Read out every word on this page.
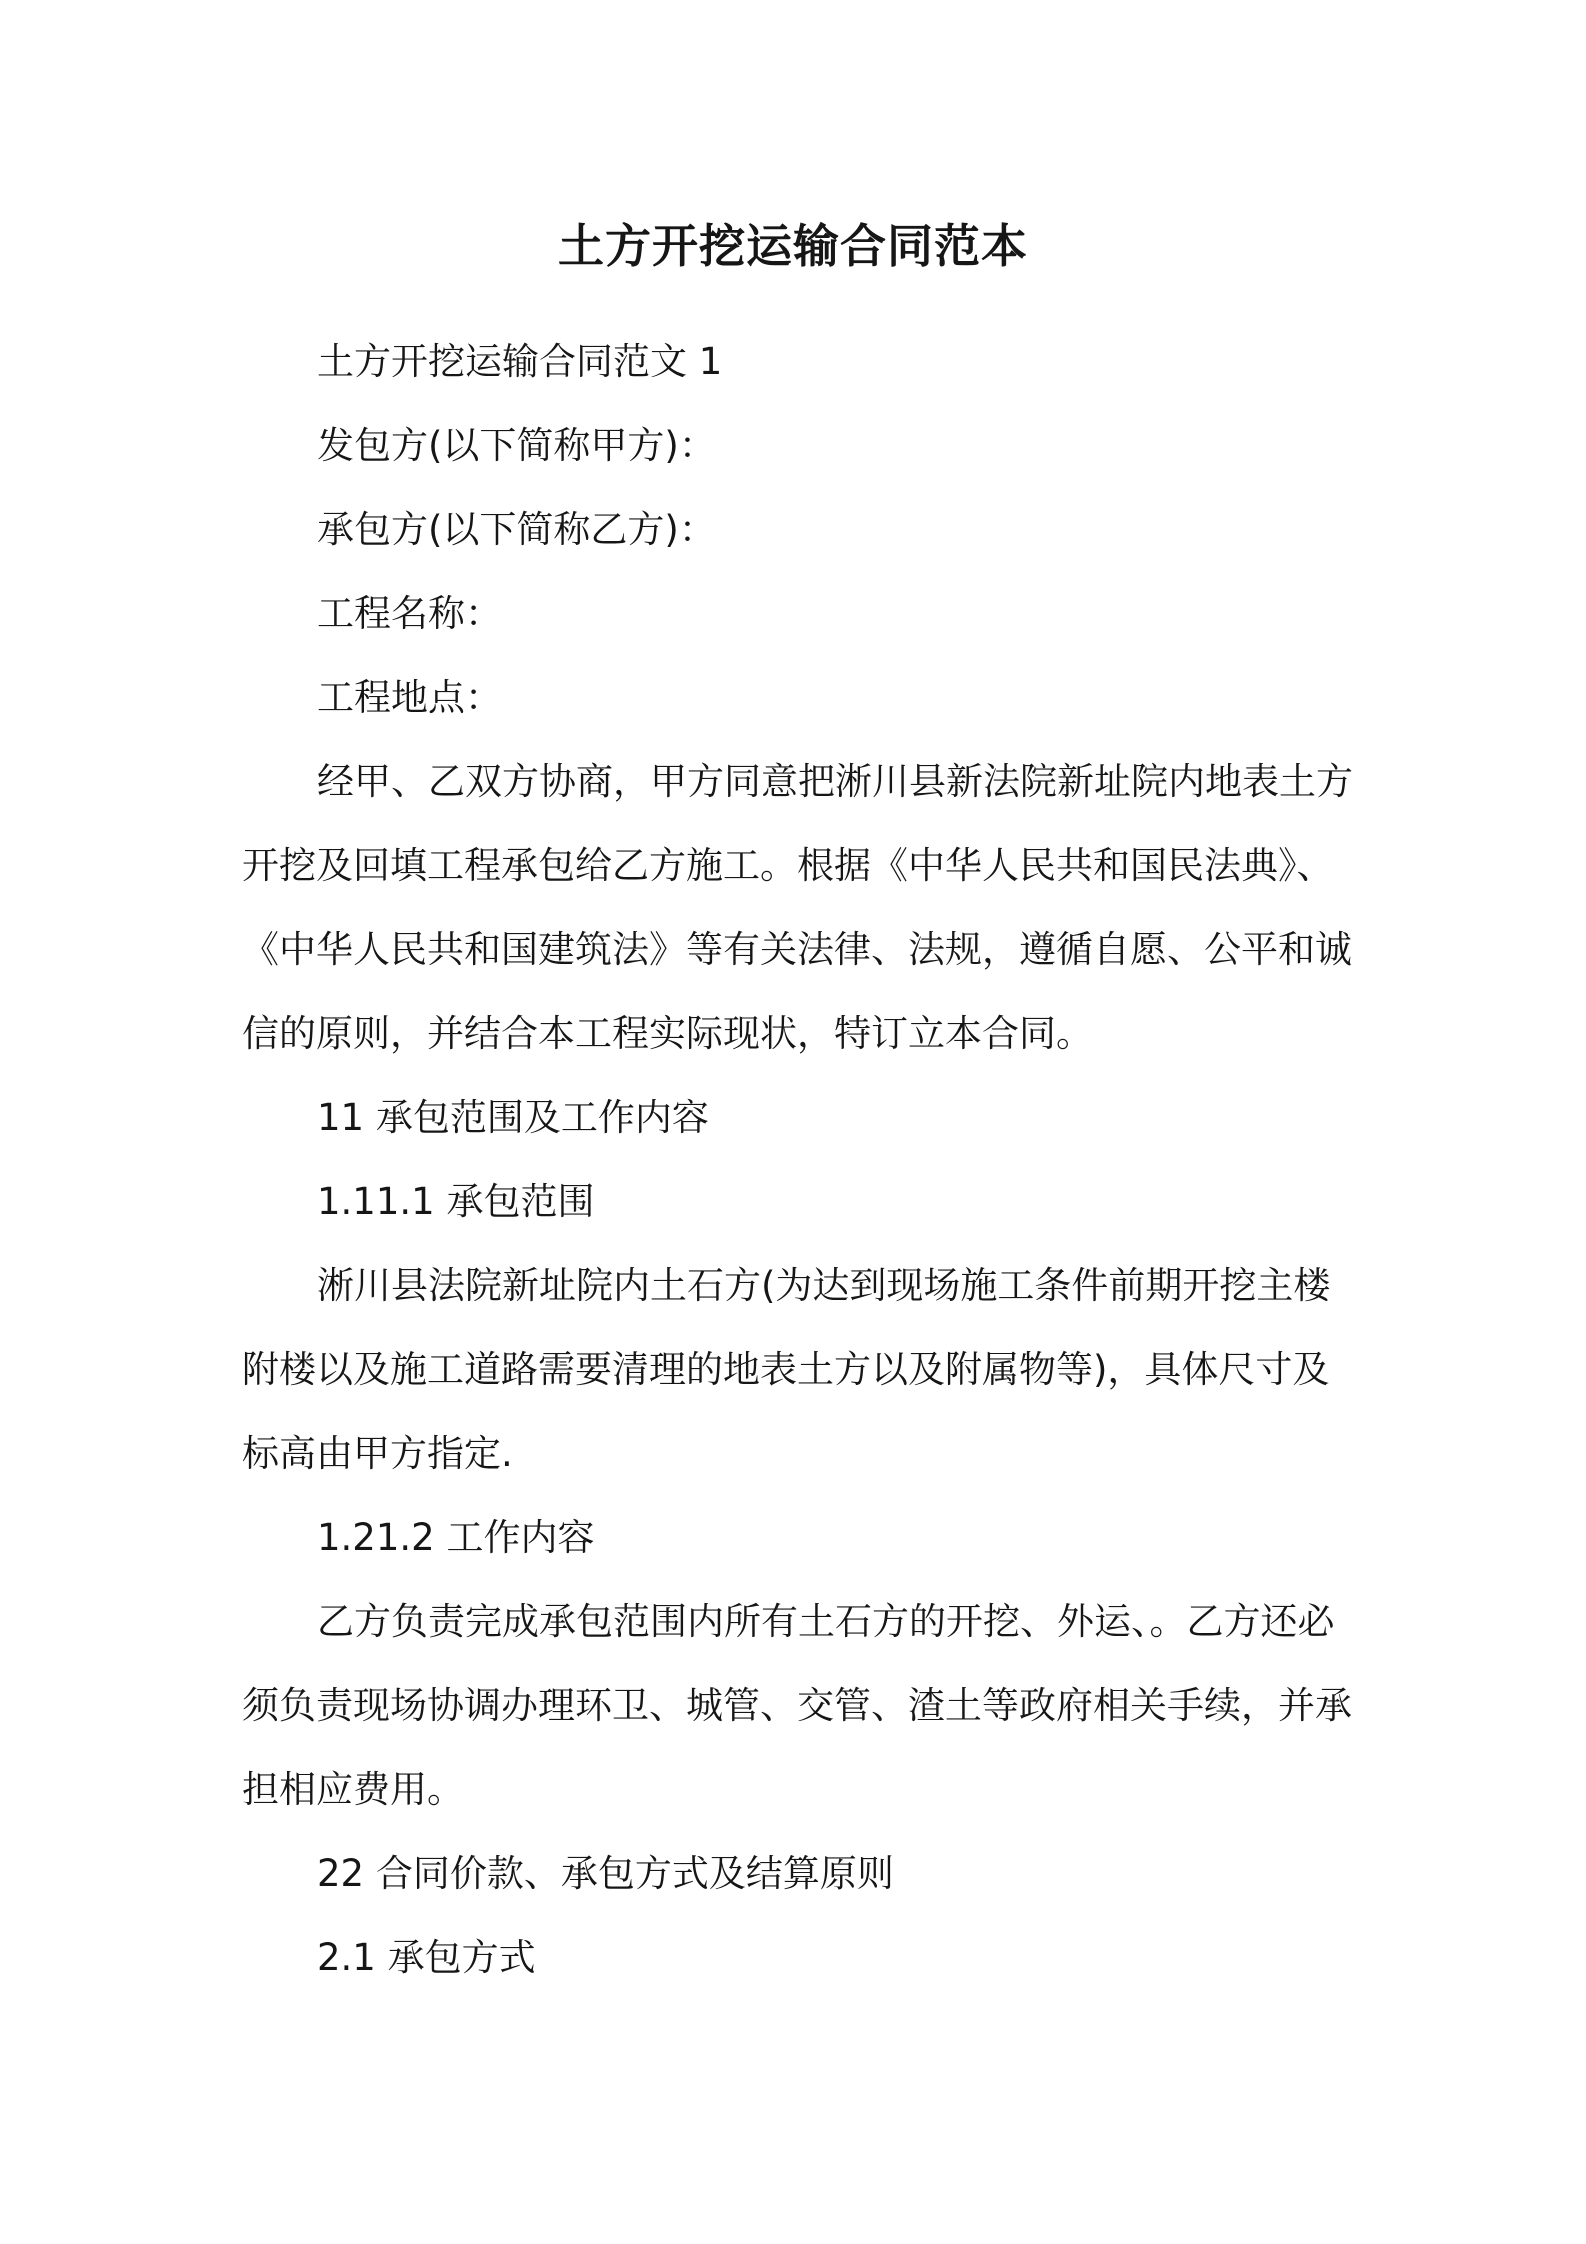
土方开挖运输合同范本

土方开挖运输合同范文 1

发包方(以下简称甲方)：

承包方(以下简称乙方)：

工程名称：

工程地点：

经甲、乙双方协商，甲方同意把淅川县新法院新址院内地表土方

开挖及回填工程承包给乙方施工。根据《中华人民共和国民法典》、

《中华人民共和国建筑法》等有关法律、法规，遵循自愿、公平和诚

信的原则，并结合本工程实际现状，特订立本合同。

11 承包范围及工作内容

1.11.1 承包范围

淅川县法院新址院内土石方(为达到现场施工条件前期开挖主楼

附楼以及施工道路需要清理的地表土方以及附属物等)，具体尺寸及

标高由甲方指定.

1.21.2 工作内容

乙方负责完成承包范围内所有土石方的开挖、外运、。乙方还必

须负责现场协调办理环卫、城管、交管、渣土等政府相关手续，并承

担相应费用。

22 合同价款、承包方式及结算原则

2.1 承包方式
